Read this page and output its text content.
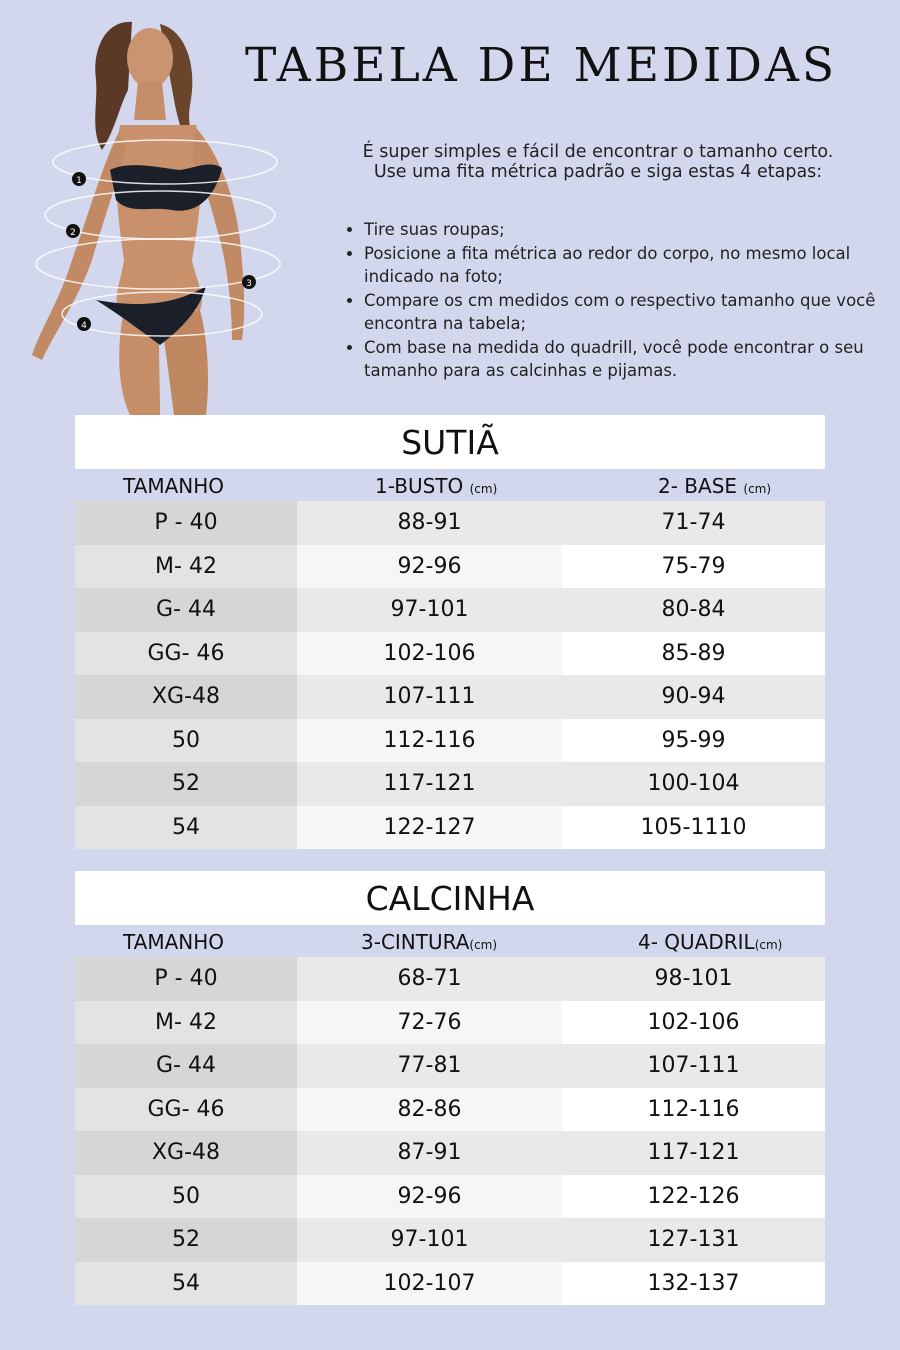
1
2
3
4
TABELA DE MEDIDAS
É super simples e fácil de encontrar o tamanho certo.
Use uma fita métrica padrão e siga estas 4 etapas:
• Tire suas roupas;
• Posicione a fita métrica ao redor do corpo, no mesmo local indicado na foto;
• Compare os cm medidos com o respectivo tamanho que você encontra na tabela;
• Com base na medida do quadrill, você pode encontrar o seu tamanho para as calcinhas e pijamas.
SUTIÃ
TAMANHO	1-BUSTO (cm)	2- BASE (cm)
P - 40	88-91	71-74
M- 42	92-96	75-79
G- 44	97-101	80-84
GG- 46	102-106	85-89
XG-48	107-111	90-94
50	112-116	95-99
52	117-121	100-104
54	122-127	105-1110
CALCINHA
TAMANHO	3-CINTURA(cm)	4- QUADRIL(cm)
P - 40	68-71	98-101
M- 42	72-76	102-106
G- 44	77-81	107-111
GG- 46	82-86	112-116
XG-48	87-91	117-121
50	92-96	122-126
52	97-101	127-131
54	102-107	132-137
